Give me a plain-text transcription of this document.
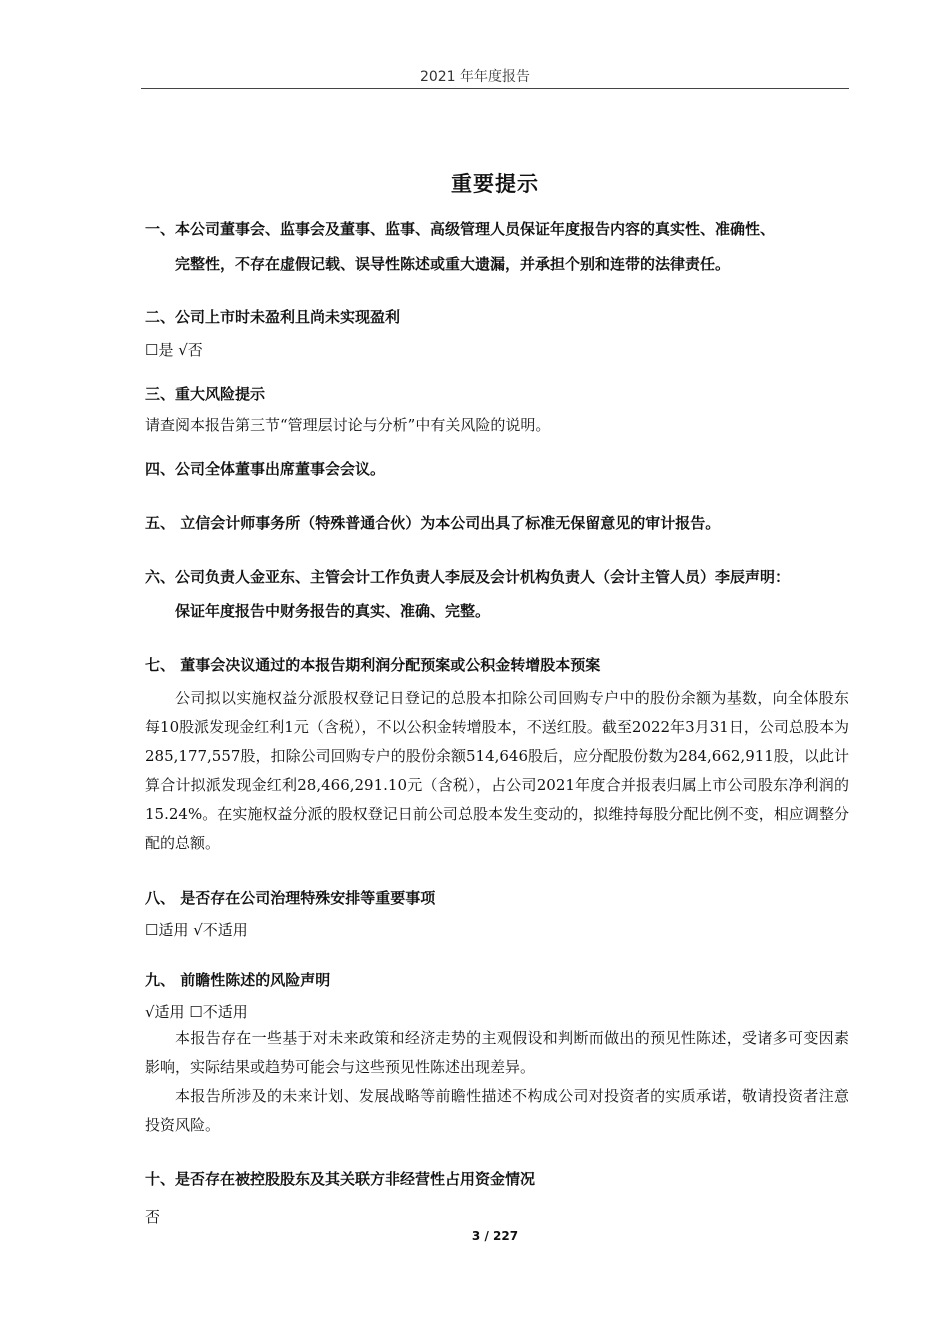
2021 年年度报告
重要提示
一、本公司董事会、监事会及董事、监事、高级管理人员保证年度报告内容的真实性、准确性、
完整性，不存在虚假记载、误导性陈述或重大遗漏，并承担个别和连带的法律责任。
二、公司上市时未盈利且尚未实现盈利
☐是 √否
三、重大风险提示
请查阅本报告第三节“管理层讨论与分析”中有关风险的说明。
四、公司全体董事出席董事会会议。
五、 立信会计师事务所（特殊普通合伙）为本公司出具了标准无保留意见的审计报告。
六、公司负责人金亚东、主管会计工作负责人李辰及会计机构负责人（会计主管人员）李辰声明：
保证年度报告中财务报告的真实、准确、完整。
七、 董事会决议通过的本报告期利润分配预案或公积金转增股本预案
公司拟以实施权益分派股权登记日登记的总股本扣除公司回购专户中的股份余额为基数，向全体股东每10股派发现金红利1元（含税），不以公积金转增股本，不送红股。截至2022年3月31日，公司总股本为285,177,557股，扣除公司回购专户的股份余额514,646股后，应分配股份数为284,662,911股，以此计算合计拟派发现金红利28,466,291.10元（含税），占公司2021年度合并报表归属上市公司股东净利润的15.24%。在实施权益分派的股权登记日前公司总股本发生变动的，拟维持每股分配比例不变，相应调整分配的总额。
八、 是否存在公司治理特殊安排等重要事项
☐适用 √不适用
九、 前瞻性陈述的风险声明
√适用 ☐不适用
本报告存在一些基于对未来政策和经济走势的主观假设和判断而做出的预见性陈述，受诸多可变因素影响，实际结果或趋势可能会与这些预见性陈述出现差异。
本报告所涉及的未来计划、发展战略等前瞻性描述不构成公司对投资者的实质承诺，敬请投资者注意投资风险。
十、是否存在被控股股东及其关联方非经营性占用资金情况
否
3 / 227
